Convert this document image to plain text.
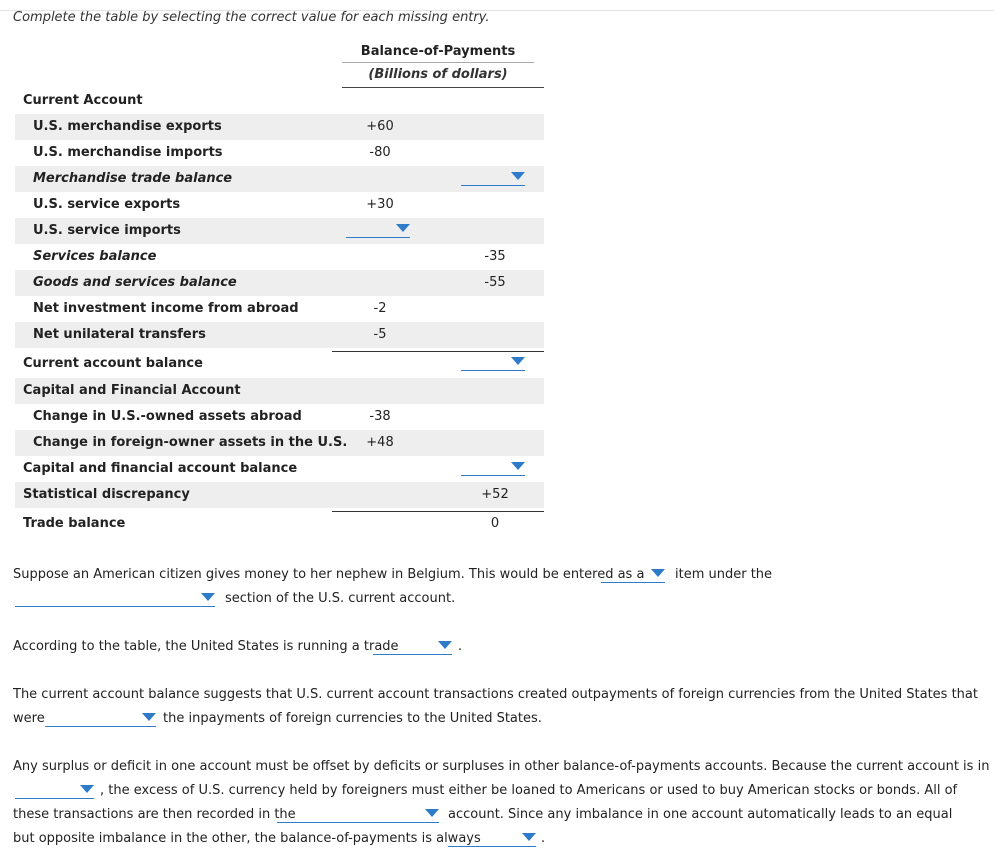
Complete the table by selecting the correct value for each missing entry.
Balance-of-Payments
(Billions of dollars)
Current Account
U.S. merchandise exports	+60
U.S. merchandise imports	-80
Merchandise trade balance
U.S. service exports	+30
U.S. service imports
Services balance	-35
Goods and services balance	-55
Net investment income from abroad	-2
Net unilateral transfers	-5
Current account balance
Capital and Financial Account
Change in U.S.-owned assets abroad	-38
Change in foreign-owner assets in the U.S.	+48
Capital and financial account balance
Statistical discrepancy	+52
Trade balance	0
Suppose an American citizen gives money to her nephew in Belgium. This would be entered as a item under the
section of the U.S. current account.
According to the table, the United States is running a trade	.
The current account balance suggests that U.S. current account transactions created outpayments of foreign currencies from the United States that
were	the inpayments of foreign currencies to the United States.
Any surplus or deficit in one account must be offset by deficits or surpluses in other balance-of-payments accounts. Because the current account is in
, the excess of U.S. currency held by foreigners must either be loaned to Americans or used to buy American stocks or bonds. All of
these transactions are then recorded in the	account. Since any imbalance in one account automatically leads to an equal
but opposite imbalance in the other, the balance-of-payments is always	.
